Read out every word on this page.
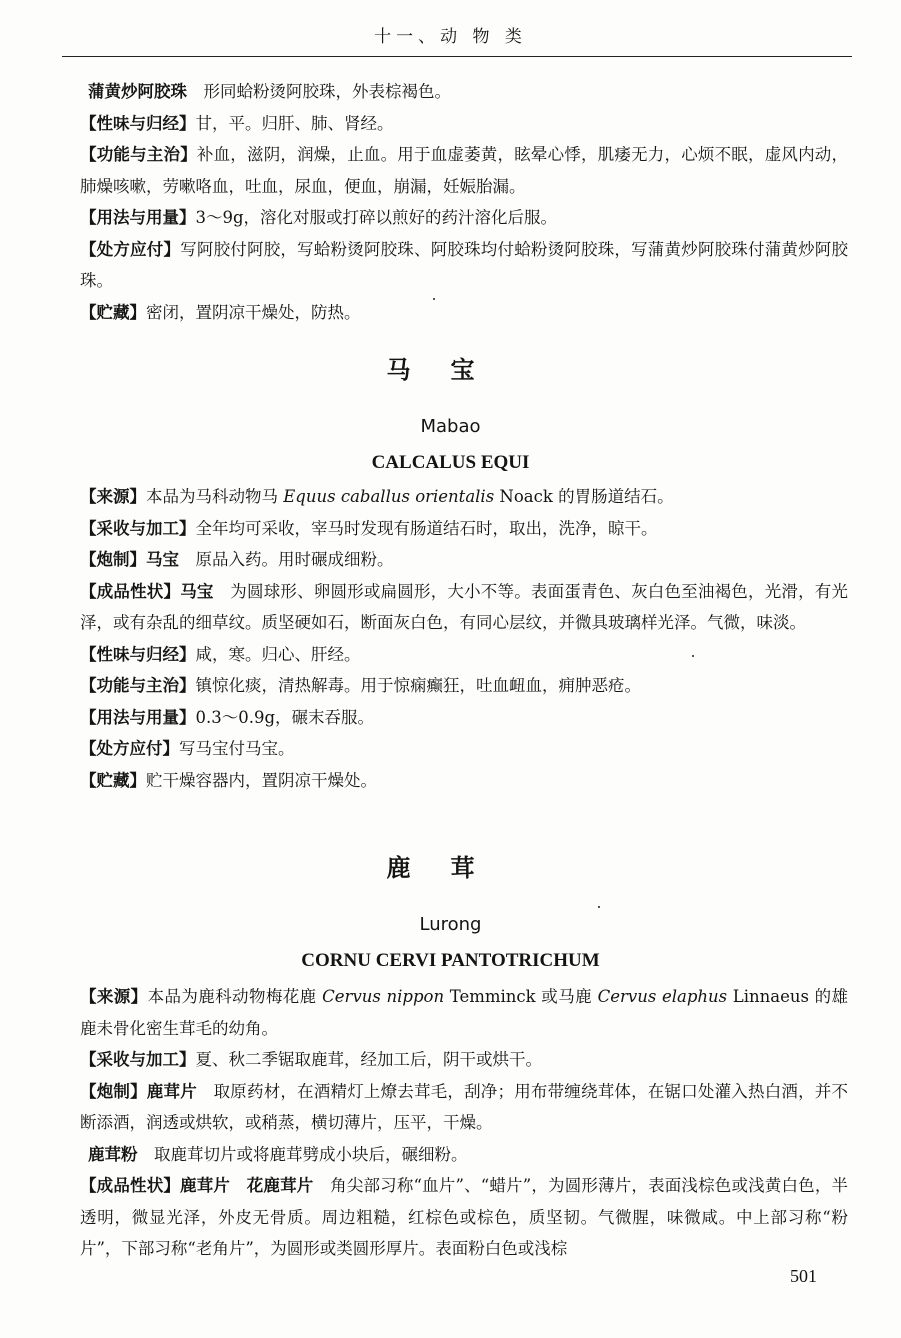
十一、动 物 类

蒲黄炒阿胶珠　形同蛤粉烫阿胶珠，外表棕褐色。

【性味与归经】甘，平。归肝、肺、肾经。

【功能与主治】补血，滋阴，润燥，止血。用于血虚萎黄，眩晕心悸，肌痿无力，心烦不眠，虚风内动，肺燥咳嗽，劳嗽咯血，吐血，尿血，便血，崩漏，妊娠胎漏。

【用法与用量】3～9g，溶化对服或打碎以煎好的药汁溶化后服。

【处方应付】写阿胶付阿胶，写蛤粉烫阿胶珠、阿胶珠均付蛤粉烫阿胶珠，写蒲黄炒阿胶珠付蒲黄炒阿胶珠。

【贮藏】密闭，置阴凉干燥处，防热。

马宝
Mabao
CALCALUS EQUI

【来源】本品为马科动物马 Equus caballus orientalis Noack 的胃肠道结石。

【采收与加工】全年均可采收，宰马时发现有肠道结石时，取出，洗净，晾干。

【炮制】马宝　原品入药。用时碾成细粉。

【成品性状】马宝　为圆球形、卵圆形或扁圆形，大小不等。表面蛋青色、灰白色至油褐色，光滑，有光泽，或有杂乱的细草纹。质坚硬如石，断面灰白色，有同心层纹，并微具玻璃样光泽。气微，味淡。

【性味与归经】咸，寒。归心、肝经。

【功能与主治】镇惊化痰，清热解毒。用于惊痫癫狂，吐血衄血，痈肿恶疮。

【用法与用量】0.3～0.9g，碾末吞服。

【处方应付】写马宝付马宝。

【贮藏】贮干燥容器内，置阴凉干燥处。

鹿茸
Lurong
CORNU CERVI PANTOTRICHUM

【来源】本品为鹿科动物梅花鹿 Cervus nippon Temminck 或马鹿 Cervus elaphus Linnaeus 的雄鹿未骨化密生茸毛的幼角。

【采收与加工】夏、秋二季锯取鹿茸，经加工后，阴干或烘干。

【炮制】鹿茸片　取原药材，在酒精灯上燎去茸毛，刮净；用布带缠绕茸体，在锯口处灌入热白酒，并不断添酒，润透或烘软，或稍蒸，横切薄片，压平，干燥。

鹿茸粉　取鹿茸切片或将鹿茸劈成小块后，碾细粉。

【成品性状】鹿茸片　花鹿茸片　角尖部习称“血片”、“蜡片”，为圆形薄片，表面浅棕色或浅黄白色，半透明，微显光泽，外皮无骨质。周边粗糙，红棕色或棕色，质坚韧。气微腥，味微咸。中上部习称“粉片”，下部习称“老角片”，为圆形或类圆形厚片。表面粉白色或浅棕

501
